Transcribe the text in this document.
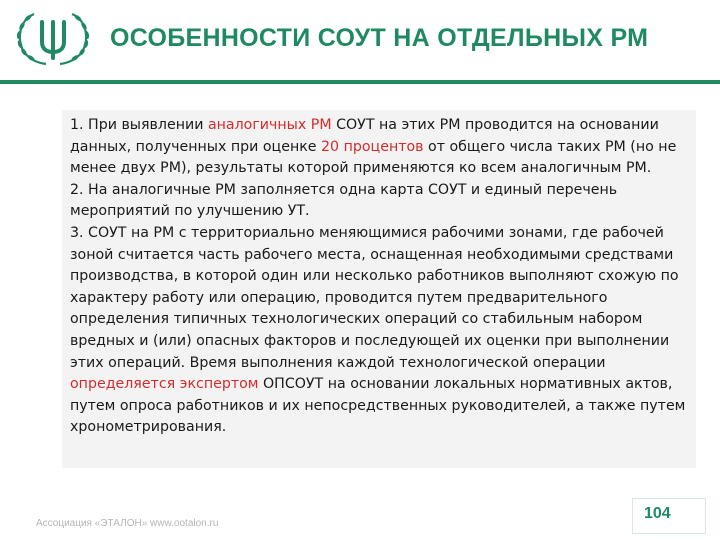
ОСОБЕННОСТИ СОУТ НА ОТДЕЛЬНЫХ РМ

1. При выявлении аналогичных РМ СОУТ на этих РМ проводится на основании данных, полученных при оценке 20 процентов от общего числа таких РМ (но не менее двух РМ), результаты которой применяются ко всем аналогичным РМ.

2. На аналогичные РМ заполняется одна карта СОУТ и единый перечень мероприятий по улучшению УТ.

3. СОУТ на РМ с территориально меняющимися рабочими зонами, где рабочей зоной считается часть рабочего места, оснащенная необходимыми средствами производства, в которой один или несколько работников выполняют схожую по характеру работу или операцию, проводится путем предварительного определения типичных технологических операций со стабильным набором вредных и (или) опасных факторов и последующей их оценки при выполнении этих операций. Время выполнения каждой технологической операции определяется экспертом ОПСОУТ на основании локальных нормативных актов, путем опроса работников и их непосредственных руководителей, а также путем хронометрирования.

Ассоциация «ЭТАЛОН» www.ootalon.ru
104
